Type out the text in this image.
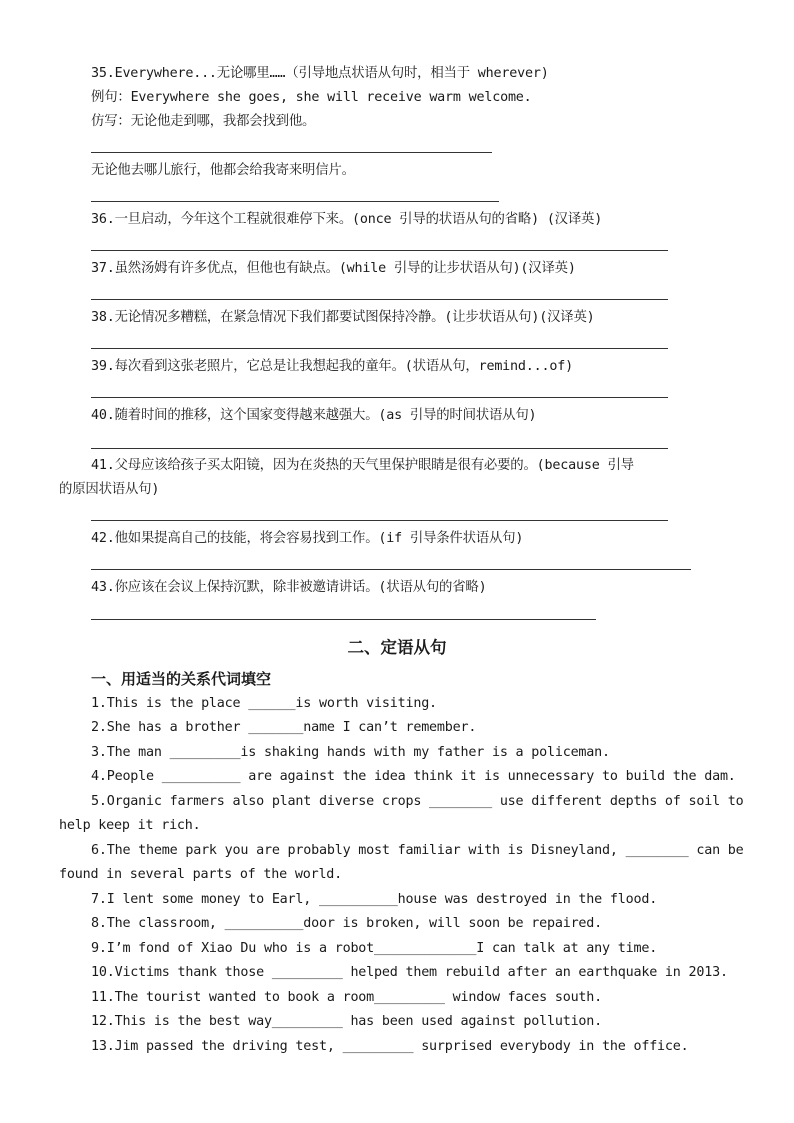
35.Everywhere...无论哪里……（引导地点状语从句时，相当于 wherever)
例句：Everywhere she goes, she will receive warm welcome.
仿写：无论他走到哪，我都会找到他。
无论他去哪儿旅行，他都会给我寄来明信片。
36.一旦启动，今年这个工程就很难停下来。(once 引导的状语从句的省略) (汉译英)
37.虽然汤姆有许多优点，但他也有缺点。(while 引导的让步状语从句)(汉译英)
38.无论情况多糟糕，在紧急情况下我们都要试图保持冷静。(让步状语从句)(汉译英)
39.每次看到这张老照片，它总是让我想起我的童年。(状语从句，remind...of)
40.随着时间的推移，这个国家变得越来越强大。(as 引导的时间状语从句)
41.父母应该给孩子买太阳镜，因为在炎热的天气里保护眼睛是很有必要的。(because 引导
的原因状语从句)
42.他如果提高自己的技能，将会容易找到工作。(if 引导条件状语从句)
43.你应该在会议上保持沉默，除非被邀请讲话。(状语从句的省略)
二、定语从句
一、用适当的关系代词填空
1.This is the place ______is worth visiting.
2.She has a brother _______name I can’t remember.
3.The man _________is shaking hands with my father is a policeman.
4.People __________ are against the idea think it is unnecessary to build the dam.
5.Organic farmers also plant diverse crops ________ use different depths of soil to
help keep it rich.
6.The theme park you are probably most familiar with is Disneyland, ________ can be
found in several parts of the world.
7.I lent some money to Earl, __________house was destroyed in the flood.
8.The classroom, __________door is broken, will soon be repaired.
9.I’m fond of Xiao Du who is a robot_____________I can talk at any time.
10.Victims thank those _________ helped them rebuild after an earthquake in 2013.
11.The tourist wanted to book a room_________ window faces south.
12.This is the best way_________ has been used against pollution.
13.Jim passed the driving test, _________ surprised everybody in the office.
